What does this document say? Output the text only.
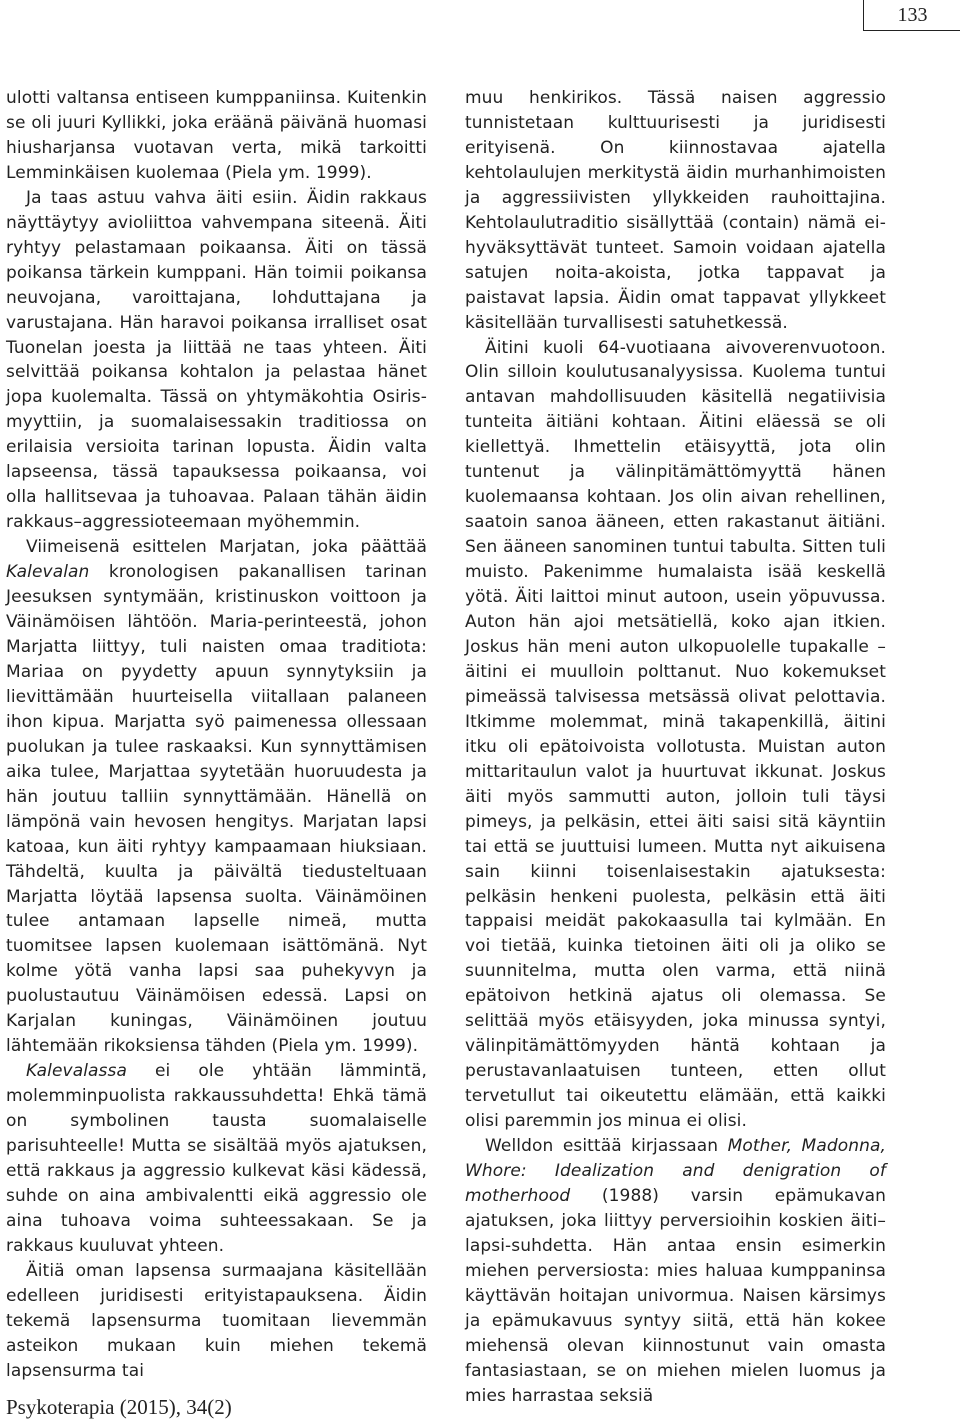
133

ulotti valtansa entiseen kumppaniinsa. Kuitenkin se oli juuri Kyllikki, joka eräänä päivänä huomasi hiusharjansa vuotavan verta, mikä tarkoitti Lemminkäisen kuolemaa (Piela ym. 1999).

Ja taas astuu vahva äiti esiin. Äidin rakkaus näyttäytyy avioliittoa vahvempana siteenä. Äiti ryhtyy pelastamaan poikaansa. Äiti on tässä poikansa tärkein kumppani. Hän toimii poikansa neuvojana, varoittajana, lohduttajana ja varustajana. Hän haravoi poikansa irralliset osat Tuonelan joesta ja liittää ne taas yhteen. Äiti selvittää poikansa kohtalon ja pelastaa hänet jopa kuolemalta. Tässä on yhtymäkohtia Osiris-myyttiin, ja suomalaisessakin traditiossa on erilaisia versioita tarinan lopusta. Äidin valta lapseensa, tässä tapauksessa poikaansa, voi olla hallitsevaa ja tuhoavaa. Palaan tähän äidin rakkaus–aggressioteemaan myöhemmin.

Viimeisenä esittelen Marjatan, joka päättää Kalevalan kronologisen pakanallisen tarinan Jeesuksen syntymään, kristinuskon voittoon ja Väinämöisen lähtöön. Maria-perinteestä, johon Marjatta liittyy, tuli naisten omaa traditiota: Mariaa on pyydetty apuun synnytyksiin ja lievittämään huurteisella viitallaan palaneen ihon kipua. Marjatta syö paimenessa ollessaan puolukan ja tulee raskaaksi. Kun synnyttämisen aika tulee, Marjattaa syytetään huoruudesta ja hän joutuu talliin synnyttämään. Hänellä on lämpönä vain hevosen hengitys. Marjatan lapsi katoaa, kun äiti ryhtyy kampaamaan hiuksiaan. Tähdeltä, kuulta ja päivältä tiedusteltuaan Marjatta löytää lapsensa suolta. Väinämöinen tulee antamaan lapselle nimeä, mutta tuomitsee lapsen kuolemaan isättömänä. Nyt kolme yötä vanha lapsi saa puhekyvyn ja puolustautuu Väinämöisen edessä. Lapsi on Karjalan kuningas, Väinämöinen joutuu lähtemään rikoksiensa tähden (Piela ym. 1999).

Kalevalassa ei ole yhtään lämmintä, molemminpuolista rakkaussuhdetta! Ehkä tämä on symbolinen tausta suomalaiselle parisuhteelle! Mutta se sisältää myös ajatuksen, että rakkaus ja aggressio kulkevat käsi kädessä, suhde on aina ambivalentti eikä aggressio ole aina tuhoava voima suhteessakaan. Se ja rakkaus kuuluvat yhteen.

Äitiä oman lapsensa surmaajana käsitellään edelleen juridisesti erityistapauksena. Äidin tekemä lapsensurma tuomitaan lievemmän asteikon mukaan kuin miehen tekemä lapsensurma tai

muu henkirikos. Tässä naisen aggressio tunnistetaan kulttuurisesti ja juridisesti erityisenä. On kiinnostavaa ajatella kehtolaulujen merkitystä äidin murhanhimoisten ja aggressiivisten yllykkeiden rauhoittajina. Kehtolaulutraditio sisällyttää (contain) nämä ei-hyväksyttävät tunteet. Samoin voidaan ajatella satujen noita-akoista, jotka tappavat ja paistavat lapsia. Äidin omat tappavat yllykkeet käsitellään turvallisesti satuhetkessä.

Äitini kuoli 64-vuotiaana aivoverenvuotoon. Olin silloin koulutusanalyysissa. Kuolema tuntui antavan mahdollisuuden käsitellä negatiivisia tunteita äitiäni kohtaan. Äitini eläessä se oli kiellettyä. Ihmettelin etäisyyttä, jota olin tuntenut ja välinpitämättömyyttä hänen kuolemaansa kohtaan. Jos olin aivan rehellinen, saatoin sanoa ääneen, etten rakastanut äitiäni. Sen ääneen sanominen tuntui tabulta. Sitten tuli muisto. Pakenimme humalaista isää keskellä yötä. Äiti laittoi minut autoon, usein yöpuvussa. Auton hän ajoi metsätiellä, koko ajan itkien. Joskus hän meni auton ulkopuolelle tupakalle – äitini ei muulloin polttanut. Nuo kokemukset pimeässä talvisessa metsässä olivat pelottavia. Itkimme molemmat, minä takapenkillä, äitini itku oli epätoivoista vollotusta. Muistan auton mittaritaulun valot ja huurtuvat ikkunat. Joskus äiti myös sammutti auton, jolloin tuli täysi pimeys, ja pelkäsin, ettei äiti saisi sitä käyntiin tai että se juuttuisi lumeen. Mutta nyt aikuisena sain kiinni toisenlaisestakin ajatuksesta: pelkäsin henkeni puolesta, pelkäsin että äiti tappaisi meidät pakokaasulla tai kylmään. En voi tietää, kuinka tietoinen äiti oli ja oliko se suunnitelma, mutta olen varma, että niinä epätoivon hetkinä ajatus oli olemassa. Se selittää myös etäisyyden, joka minussa syntyi, välinpitämättömyyden häntä kohtaan ja perustavanlaatuisen tunteen, etten ollut tervetullut tai oikeutettu elämään, että kaikki olisi paremmin jos minua ei olisi.

Welldon esittää kirjassaan Mother, Madonna, Whore: Idealization and denigration of motherhood (1988) varsin epämukavan ajatuksen, joka liittyy perversioihin koskien äiti–lapsi-suhdetta. Hän antaa ensin esimerkin miehen perversiosta: mies haluaa kumppaninsa käyttävän hoitajan univormua. Naisen kärsimys ja epämukavuus syntyy siitä, että hän kokee miehensä olevan kiinnostunut vain omasta fantasiastaan, se on miehen mielen luomus ja mies harrastaa seksiä

Psykoterapia (2015), 34(2)
